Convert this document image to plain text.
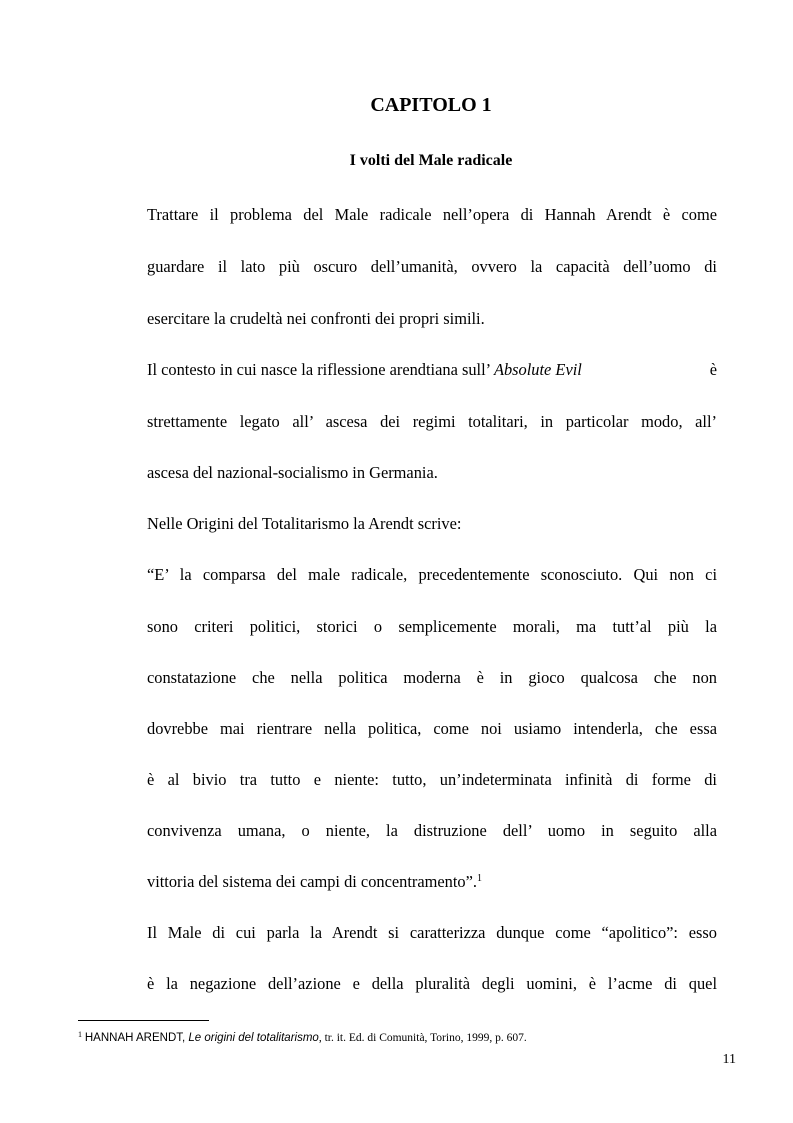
CAPITOLO 1
I volti del Male radicale
Trattare il problema del Male radicale nell’opera di Hannah Arendt è come
guardare il lato più oscuro dell’umanità, ovvero la capacità dell’uomo di
esercitare la crudeltà nei confronti dei propri simili.
Il contesto in cui nasce la riflessione arendtiana sull’ Absolute Evil	è
strettamente legato all’ ascesa dei regimi totalitari, in particolar modo, all’
ascesa del nazional-socialismo in Germania.
Nelle Origini del Totalitarismo la Arendt scrive:
“E’ la comparsa del male radicale, precedentemente sconosciuto. Qui non ci
sono criteri politici, storici o semplicemente morali, ma tutt’al più la
constatazione che nella politica moderna è in gioco qualcosa che non
dovrebbe mai rientrare nella politica, come noi usiamo intenderla, che essa
è al bivio tra tutto e niente: tutto, un’indeterminata infinità di forme di
convivenza umana, o niente, la distruzione dell’ uomo in seguito alla
vittoria del sistema dei campi di concentramento”.$^1$
Il Male di cui parla la Arendt si caratterizza dunque come “apolitico”: esso
è la negazione dell’azione e della pluralità degli uomini, è l’acme di quel
$^1$ HANNAH ARENDT, Le origini del totalitarismo, tr. it. Ed. di Comunità, Torino, 1999, p. 607.
11
